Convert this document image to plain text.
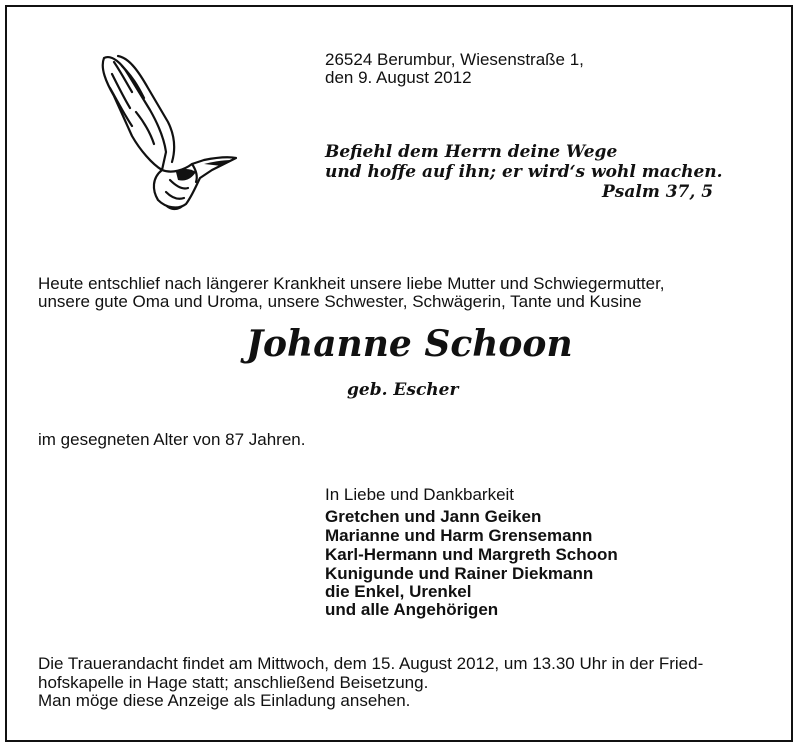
26524 Berumbur, Wiesenstraße 1,

den 9. August 2012

Befiehl dem Herrn deine Wege

und hoffe auf ihn; er wird‘s wohl machen.

Psalm 37, 5

Heute entschlief nach längerer Krankheit unsere liebe Mutter und Schwiegermutter,

unsere gute Oma und Uroma, unsere Schwester, Schwägerin, Tante und Kusine

Johanne Schoon

geb. Escher

im gesegneten Alter von 87 Jahren.

In Liebe und Dankbarkeit

Gretchen und Jann Geiken

Marianne und Harm Grensemann

Karl-Hermann und Margreth Schoon

Kunigunde und Rainer Diekmann

die Enkel, Urenkel

und alle Angehörigen

Die Trauerandacht findet am Mittwoch, dem 15. August 2012, um 13.30 Uhr in der Fried-

hofskapelle in Hage statt; anschließend Beisetzung.

Man möge diese Anzeige als Einladung ansehen.
